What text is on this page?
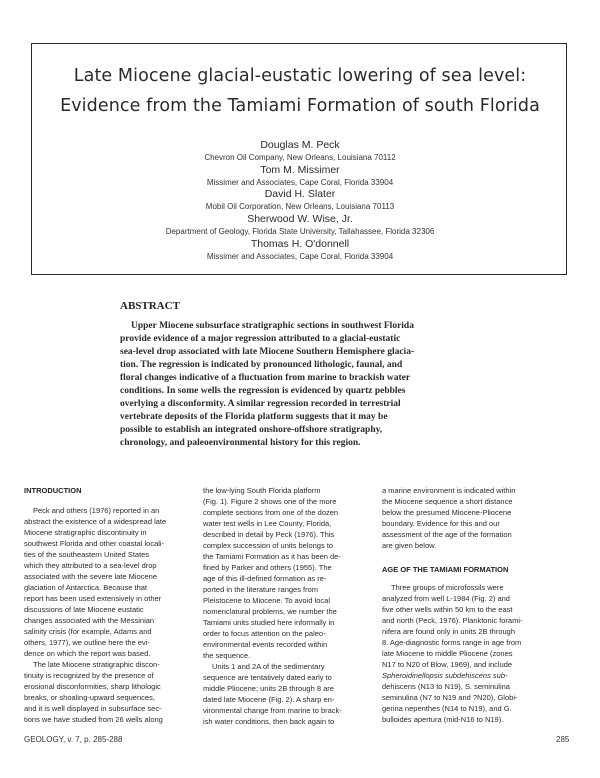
Late Miocene glacial-eustatic lowering of sea level:
Evidence from the Tamiami Formation of south Florida
Douglas M. Peck
Chevron Oil Company, New Orleans, Louisiana 70112
Tom M. Missimer
Missimer and Associates, Cape Coral, Florida 33904
David H. Slater
Mobil Oil Corporation, New Orleans, Louisiana 70113
Sherwood W. Wise, Jr.
Department of Geology, Florida State University, Tallahassee, Florida 32306
Thomas H. O'donnell
Missimer and Associates, Cape Coral, Florida 33904
ABSTRACT
Upper Miocene subsurface stratigraphic sections in southwest Florida
provide evidence of a major regression attributed to a glacial-eustatic
sea-level drop associated with late Miocene Southern Hemisphere glacia-
tion. The regression is indicated by pronounced lithologic, faunal, and
floral changes indicative of a fluctuation from marine to brackish water
conditions. In some wells the regression is evidenced by quartz pebbles
overlying a disconformity. A similar regression recorded in terrestrial
vertebrate deposits of the Florida platform suggests that it may be
possible to establish an integrated onshore-offshore stratigraphy,
chronology, and paleoenvironmental history for this region.
INTRODUCTION
Peck and others (1976) reported in an
abstract the existence of a widespread late
Miocene stratigraphic discontinuity in
southwest Florida and other coastal locali-
ties of the southeastern United States
which they attributed to a sea-level drop
associated with the severe late Miocene
glaciation of Antarctica. Because that
report has been used extensively in other
discussions of late Miocene eustatic
changes associated with the Messinian
salinity crisis (for example, Adams and
others, 1977), we outline here the evi-
dence on which the report was based.
The late Miocene stratigraphic discon-
tinuity is recognized by the presence of
erosional disconformities, sharp lithologic
breaks, or shoaling-upward sequences,
and it is well displayed in subsurface sec-
tions we have studied from 26 wells along
the low-lying South Florida platform
(Fig. 1). Figure 2 shows one of the more
complete sections from one of the dozen
water test wells in Lee County, Florida,
described in detail by Peck (1976). This
complex succession of units belongs to
the Tamiami Formation as it has been de-
fined by Parker and others (1955). The
age of this ill-defined formation as re-
ported in the literature ranges from
Pleistocene to Miocene. To avoid local
nomenclatural problems, we number the
Tamiami units studied here informally in
order to focus attention on the paleo-
environmental events recorded within
the sequence.
Units 1 and 2A of the sedimentary
sequence are tentatively dated early to
middle Pliocene; units 2B through 8 are
dated late Miocene (Fig. 2). A sharp en-
vironmental change from marine to brack-
ish water conditions, then back again to
a marine environment is indicated within
the Miocene sequence a short distance
below the presumed Miocene-Pliocene
boundary. Evidence for this and our
assessment of the age of the formation
are given below.
AGE OF THE TAMIAMI FORMATION
Three groups of microfossils were
analyzed from well L-1984 (Fig. 2) and
five other wells within 50 km to the east
and north (Peck, 1976). Planktonic forami-
nifera are found only in units 2B through
8. Age-diagnostic forms range in age from
late Miocene to middle Pliocene (zones
N17 to N20 of Blow, 1969), and include
Spheroidinellopsis subdehiscens sub-
dehiscens (N13 to N19), S. seminulina
seminulina (N7 to N19 and ?N20), Globi-
gerina nepenthes (N14 to N19), and G.
bulloides apertura (mid-N16 to N19).
GEOLOGY, v. 7, p. 285-288	285
